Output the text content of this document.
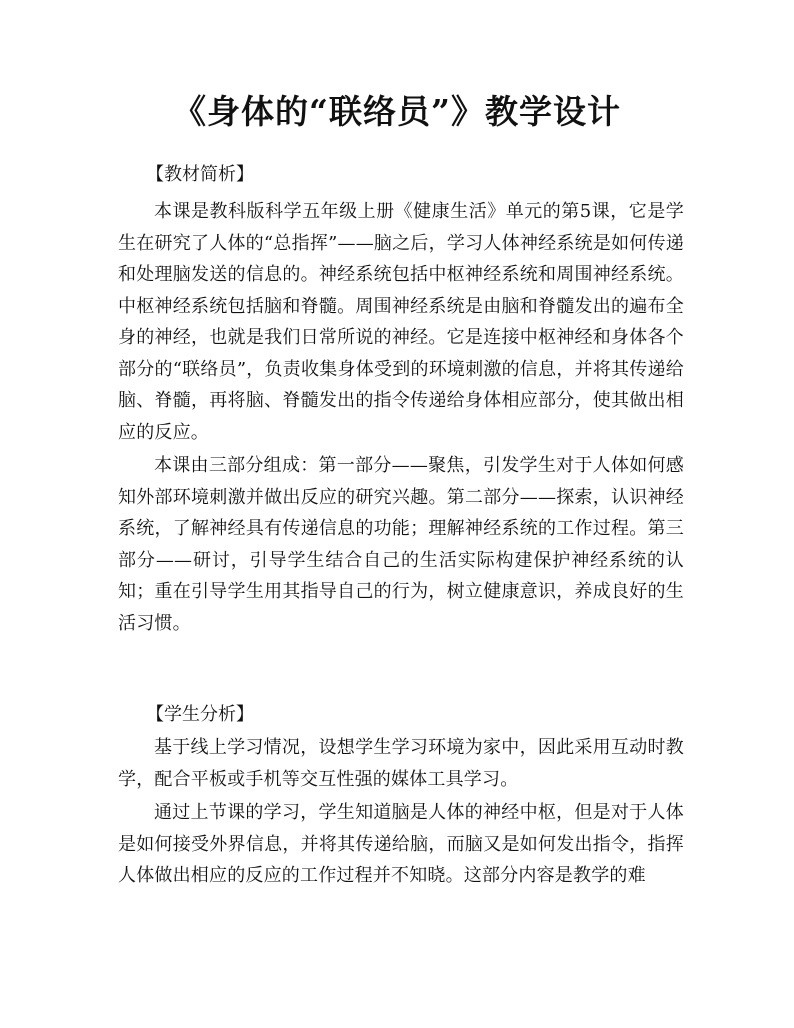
《身体的“联络员”》教学设计
【教材简析】

本课是教科版科学五年级上册《健康生活》单元的第5课，它是学生在研究了人体的“总指挥”——脑之后，学习人体神经系统是如何传递和处理脑发送的信息的。神经系统包括中枢神经系统和周围神经系统。中枢神经系统包括脑和脊髓。周围神经系统是由脑和脊髓发出的遍布全身的神经，也就是我们日常所说的神经。它是连接中枢神经和身体各个部分的“联络员”，负责收集身体受到的环境刺激的信息，并将其传递给脑、脊髓，再将脑、脊髓发出的指令传递给身体相应部分，使其做出相应的反应。

本课由三部分组成：第一部分——聚焦，引发学生对于人体如何感知外部环境刺激并做出反应的研究兴趣。第二部分——探索，认识神经系统，了解神经具有传递信息的功能；理解神经系统的工作过程。第三部分——研讨，引导学生结合自己的生活实际构建保护神经系统的认知；重在引导学生用其指导自己的行为，树立健康意识，养成良好的生活习惯。

【学生分析】

基于线上学习情况，设想学生学习环境为家中，因此采用互动时教学，配合平板或手机等交互性强的媒体工具学习。

通过上节课的学习，学生知道脑是人体的神经中枢，但是对于人体是如何接受外界信息，并将其传递给脑，而脑又是如何发出指令，指挥人体做出相应的反应的工作过程并不知晓。这部分内容是教学的难
